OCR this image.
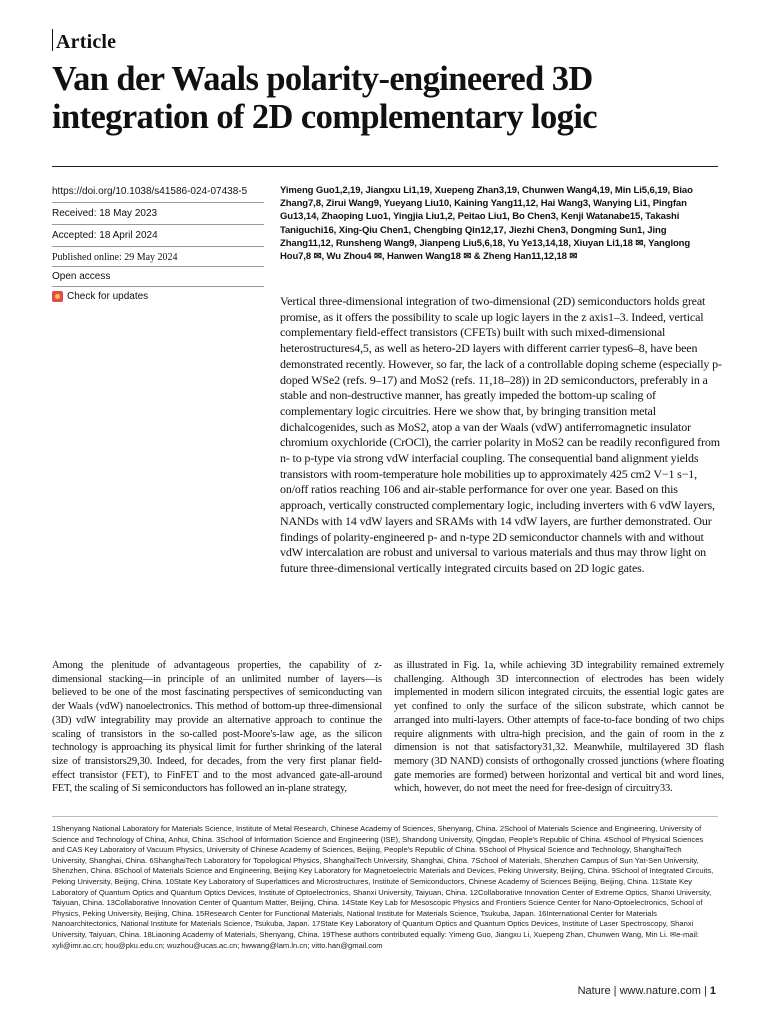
Article
Van der Waals polarity-engineered 3D integration of 2D complementary logic
https://doi.org/10.1038/s41586-024-07438-5
Received: 18 May 2023
Accepted: 18 April 2024
Published online: 29 May 2024
Open access
Check for updates
Yimeng Guo1,2,19, Jiangxu Li1,19, Xuepeng Zhan3,19, Chunwen Wang4,19, Min Li5,6,19, Biao Zhang7,8, Zirui Wang9, Yueyang Liu10, Kaining Yang11,12, Hai Wang3, Wanying Li1, Pingfan Gu13,14, Zhaoping Luo1, Yingjia Liu1,2, Peitao Liu1, Bo Chen3, Kenji Watanabe15, Takashi Taniguchi16, Xing-Qiu Chen1, Chengbing Qin12,17, Jiezhi Chen3, Dongming Sun1, Jing Zhang11,12, Runsheng Wang9, Jianpeng Liu5,6,18, Yu Ye13,14,18, Xiuyan Li1,18 ✉, Yanglong Hou7,8 ✉, Wu Zhou4 ✉, Hanwen Wang18 ✉ & Zheng Han11,12,18 ✉
Vertical three-dimensional integration of two-dimensional (2D) semiconductors holds great promise, as it offers the possibility to scale up logic layers in the z axis1–3. Indeed, vertical complementary field-effect transistors (CFETs) built with such mixed-dimensional heterostructures4,5, as well as hetero-2D layers with different carrier types6–8, have been demonstrated recently. However, so far, the lack of a controllable doping scheme (especially p-doped WSe2 (refs. 9–17) and MoS2 (refs. 11,18–28)) in 2D semiconductors, preferably in a stable and non-destructive manner, has greatly impeded the bottom-up scaling of complementary logic circuitries. Here we show that, by bringing transition metal dichalcogenides, such as MoS2, atop a van der Waals (vdW) antiferromagnetic insulator chromium oxychloride (CrOCl), the carrier polarity in MoS2 can be readily reconfigured from n- to p-type via strong vdW interfacial coupling. The consequential band alignment yields transistors with room-temperature hole mobilities up to approximately 425 cm2 V−1 s−1, on/off ratios reaching 106 and air-stable performance for over one year. Based on this approach, vertically constructed complementary logic, including inverters with 6 vdW layers, NANDs with 14 vdW layers and SRAMs with 14 vdW layers, are further demonstrated. Our findings of polarity-engineered p- and n-type 2D semiconductor channels with and without vdW intercalation are robust and universal to various materials and thus may throw light on future three-dimensional vertically integrated circuits based on 2D logic gates.
Among the plenitude of advantageous properties, the capability of z-dimensional stacking—in principle of an unlimited number of layers—is believed to be one of the most fascinating perspectives of semiconducting van der Waals (vdW) nanoelectronics. This method of bottom-up three-dimensional (3D) vdW integrability may provide an alternative approach to continue the scaling of transistors in the so-called post-Moore's-law age, as the silicon technology is approaching its physical limit for further shrinking of the lateral size of transistors29,30. Indeed, for decades, from the very first planar field-effect transistor (FET), to FinFET and to the most advanced gate-all-around FET, the scaling of Si semiconductors has followed an in-plane strategy,
as illustrated in Fig. 1a, while achieving 3D integrability remained extremely challenging. Although 3D interconnection of electrodes has been widely implemented in modern silicon integrated circuits, the essential logic gates are yet confined to only the surface of the silicon substrate, which cannot be arranged into multi-layers. Other attempts of face-to-face bonding of two chips require alignments with ultra-high precision, and the gain of room in the z dimension is not that satisfactory31,32. Meanwhile, multilayered 3D flash memory (3D NAND) consists of orthogonally crossed junctions (where floating gate memories are formed) between horizontal and vertical bit and word lines, which, however, do not meet the need for free-design of circuitry33.
1Shenyang National Laboratory for Materials Science, Institute of Metal Research, Chinese Academy of Sciences, Shenyang, China. 2School of Materials Science and Engineering, University of Science and Technology of China, Anhui, China. 3School of Information Science and Engineering (ISE), Shandong University, Qingdao, People's Republic of China. 4School of Physical Sciences and CAS Key Laboratory of Vacuum Physics, University of Chinese Academy of Sciences, Beijing, People's Republic of China. 5School of Physical Science and Technology, ShanghaiTech University, Shanghai, China. 6ShanghaiTech Laboratory for Topological Physics, ShanghaiTech University, Shanghai, China. 7School of Materials, Shenzhen Campus of Sun Yat-Sen University, Shenzhen, China. 8School of Materials Science and Engineering, Beijing Key Laboratory for Magnetoelectric Materials and Devices, Peking University, Beijing, China. 9School of Integrated Circuits, Peking University, Beijing, China. 10State Key Laboratory of Superlattices and Microstructures, Institute of Semiconductors, Chinese Academy of Sciences Beijing, Beijing, China. 11State Key Laboratory of Quantum Optics and Quantum Optics Devices, Institute of Optoelectronics, Shanxi University, Taiyuan, China. 12Collaborative Innovation Center of Extreme Optics, Shanxi University, Taiyuan, China. 13Collaborative Innovation Center of Quantum Matter, Beijing, China. 14State Key Lab for Mesoscopic Physics and Frontiers Science Center for Nano-Optoelectronics, School of Physics, Peking University, Beijing, China. 15Research Center for Functional Materials, National Institute for Materials Science, Tsukuba, Japan. 16International Center for Materials Nanoarchitectonics, National Institute for Materials Science, Tsukuba, Japan. 17State Key Laboratory of Quantum Optics and Quantum Optics Devices, Institute of Laser Spectroscopy, Shanxi University, Taiyuan, China. 18Liaoning Academy of Materials, Shenyang, China. 19These authors contributed equally: Yimeng Guo, Jiangxu Li, Xuepeng Zhan, Chunwen Wang, Min Li. ✉e-mail: xyli@imr.ac.cn; hou@pku.edu.cn; wuzhou@ucas.ac.cn; hwwang@lam.ln.cn; vitto.han@gmail.com
Nature | www.nature.com | 1
